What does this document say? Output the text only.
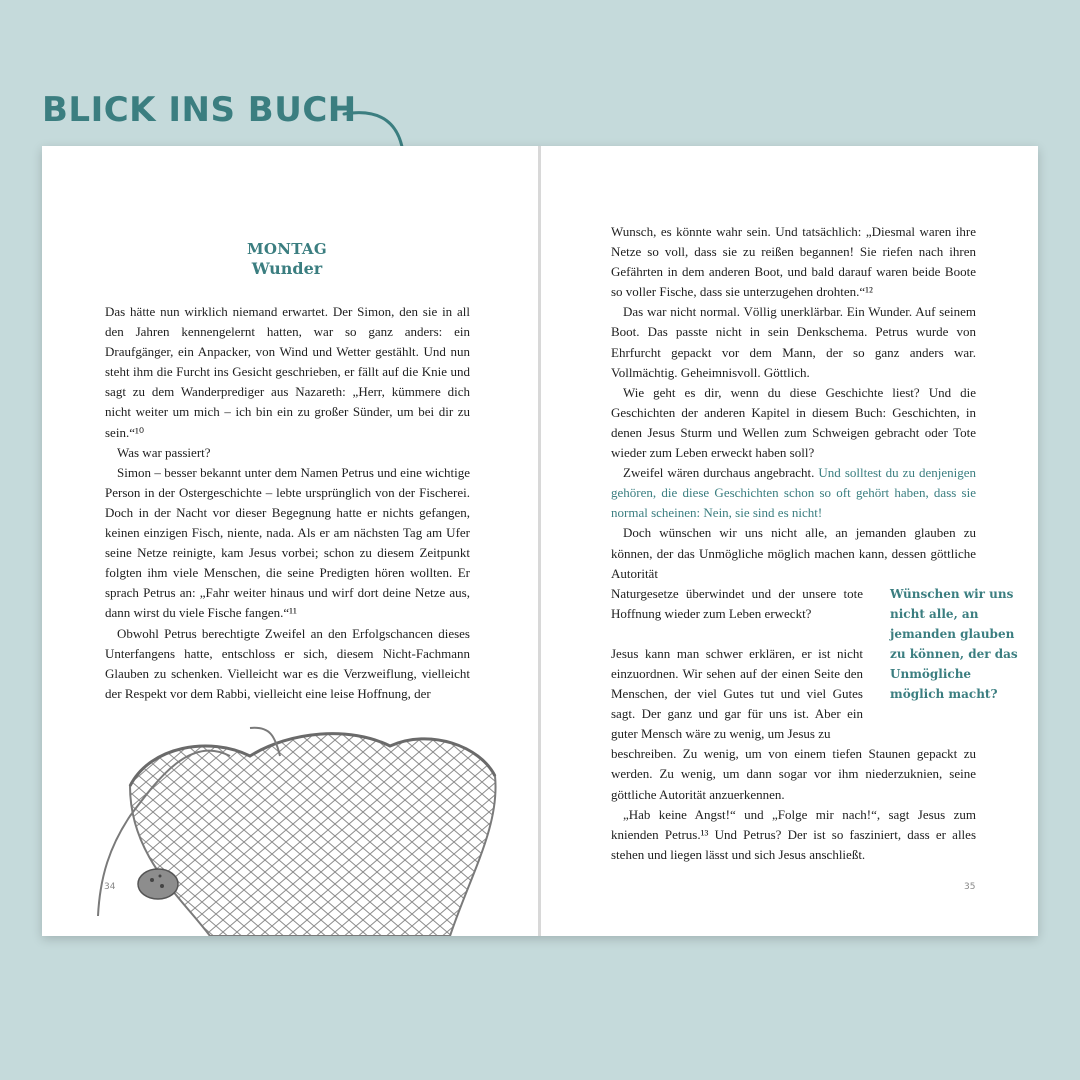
BLICK INS BUCH
MONTAG
Wunder

Das hätte nun wirklich niemand erwartet. Der Simon, den sie in all den Jahren kennengelernt hatten, war so ganz anders: ein Draufgänger, ein Anpacker, von Wind und Wetter gestählt. Und nun steht ihm die Furcht ins Gesicht geschrieben, er fällt auf die Knie und sagt zu dem Wanderprediger aus Nazareth: „Herr, kümmere dich nicht weiter um mich – ich bin ein zu großer Sünder, um bei dir zu sein.“¹⁰

Was war passiert?

Simon – besser bekannt unter dem Namen Petrus und eine wichtige Person in der Ostergeschichte – lebte ursprünglich von der Fischerei. Doch in der Nacht vor dieser Begegnung hatte er nichts gefangen, keinen einzigen Fisch, niente, nada. Als er am nächsten Tag am Ufer seine Netze reinigte, kam Jesus vorbei; schon zu diesem Zeitpunkt folgten ihm viele Menschen, die seine Predigten hören wollten. Er sprach Petrus an: „Fahr weiter hinaus und wirf dort deine Netze aus, dann wirst du viele Fische fangen.“¹¹

Obwohl Petrus berechtigte Zweifel an den Erfolgschancen dieses Unterfangens hatte, entschloss er sich, diesem Nicht-Fachmann Glauben zu schenken. Vielleicht war es die Verzweiflung, vielleicht der Respekt vor dem Rabbi, vielleicht eine leise Hoffnung, der

34

Wunsch, es könnte wahr sein. Und tatsächlich: „Diesmal waren ihre Netze so voll, dass sie zu reißen begannen! Sie riefen nach ihren Gefährten in dem anderen Boot, und bald darauf waren beide Boote so voller Fische, dass sie unterzugehen drohten.“¹²

Das war nicht normal. Völlig unerklärbar. Ein Wunder. Auf seinem Boot. Das passte nicht in sein Denkschema. Petrus wurde von Ehrfurcht gepackt vor dem Mann, der so ganz anders war. Vollmächtig. Geheimnisvoll. Göttlich.

Wie geht es dir, wenn du diese Geschichte liest? Und die Geschichten der anderen Kapitel in diesem Buch: Geschichten, in denen Jesus Sturm und Wellen zum Schweigen gebracht oder Tote wieder zum Leben erweckt haben soll?

Zweifel wären durchaus angebracht. Und solltest du zu denjenigen gehören, die diese Geschichten schon so oft gehört haben, dass sie normal scheinen: Nein, sie sind es nicht!

Doch wünschen wir uns nicht alle, an jemanden glauben zu können, der das Unmögliche möglich machen kann, dessen göttliche Autorität

Naturgesetze überwindet und der unsere tote Hoffnung wieder zum Leben erweckt?

Jesus kann man schwer erklären, er ist nicht einzuordnen. Wir sehen auf der einen Seite den Menschen, der viel Gutes tut und viel Gutes sagt. Der ganz und gar für uns ist. Aber ein guter Mensch wäre zu wenig, um Jesus zu

beschreiben. Zu wenig, um von einem tiefen Staunen gepackt zu werden. Zu wenig, um dann sogar vor ihm niederzuknien, seine göttliche Autorität anzuerkennen.

„Hab keine Angst!“ und „Folge mir nach!“, sagt Jesus zum knienden Petrus.¹³ Und Petrus? Der ist so fasziniert, dass er alles stehen und liegen lässt und sich Jesus anschließt.

Wünschen wir uns nicht alle, an jemanden glauben zu können, der das Unmögliche möglich macht?
35
